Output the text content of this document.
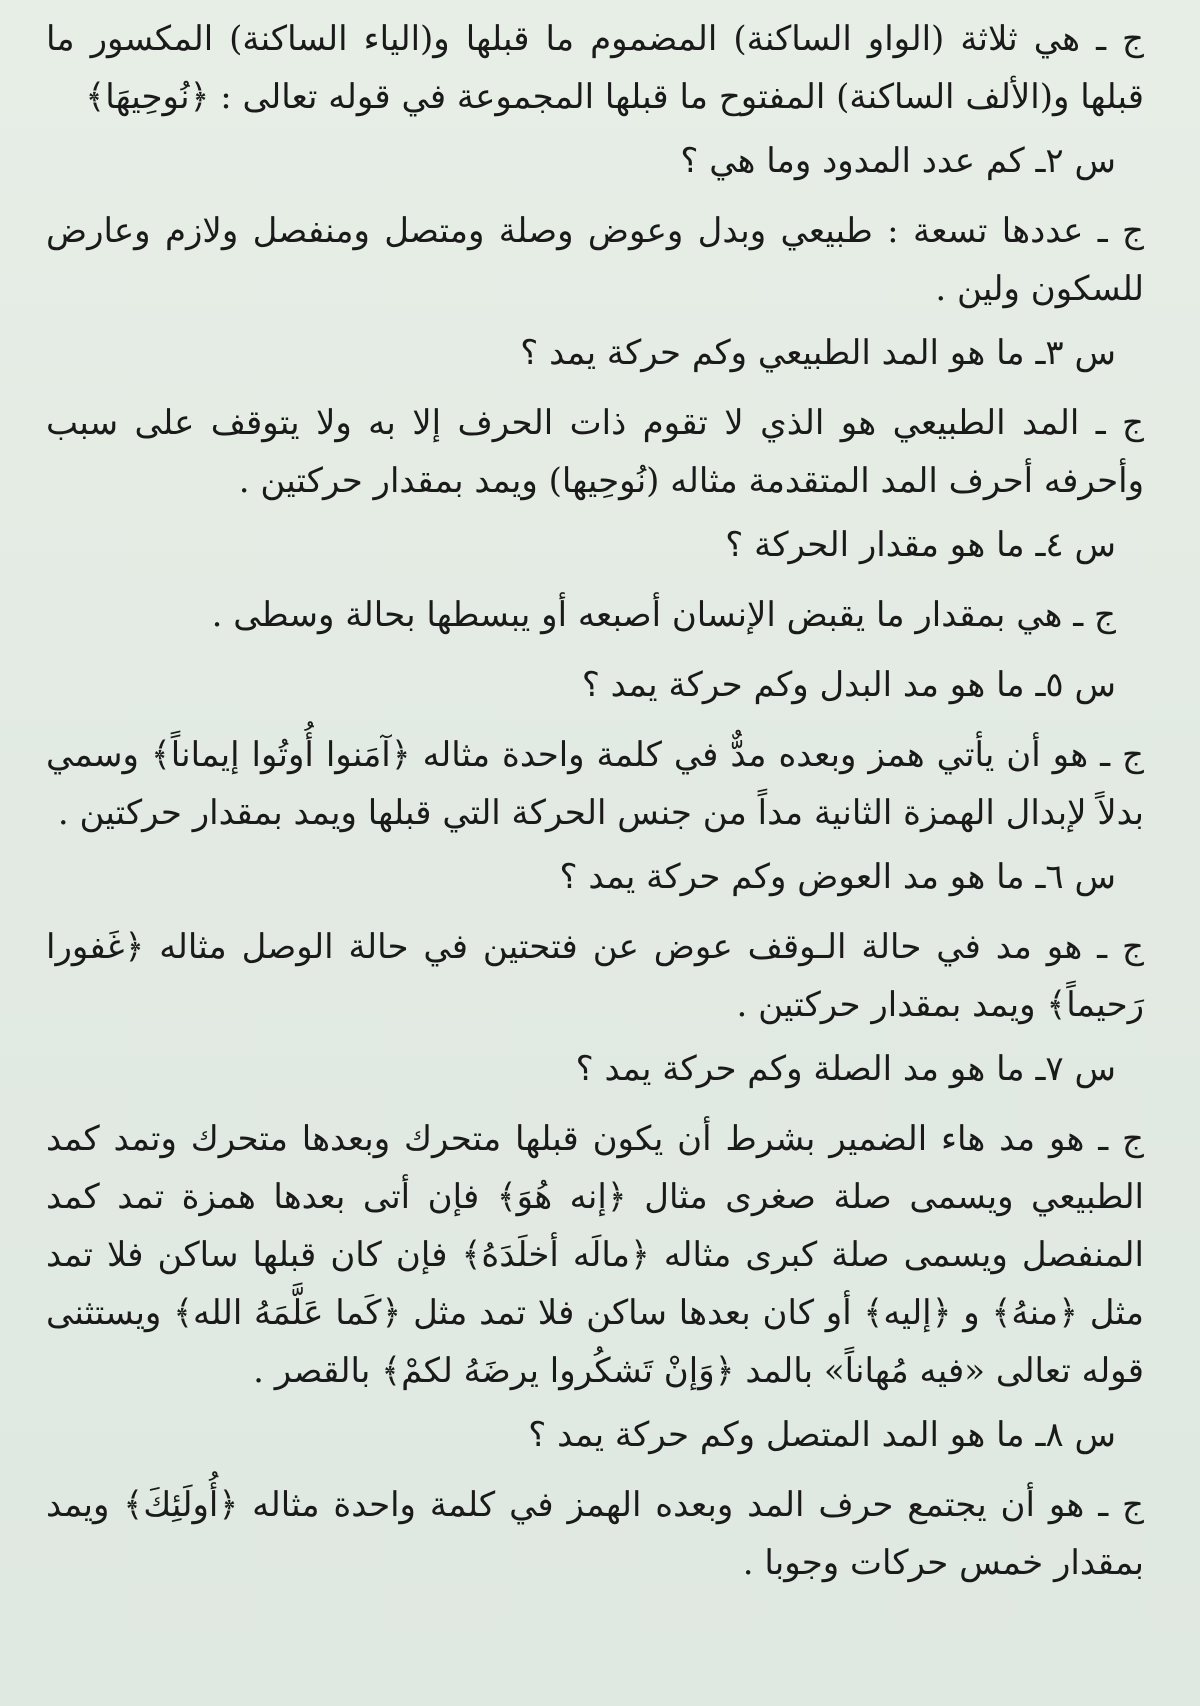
ج ـ هي ثلاثة (الواو الساكنة) المضموم ما قبلها و(الياء الساكنة) المكسور ما قبلها و(الألف الساكنة) المفتوح ما قبلها المجموعة في قوله تعالى : ﴿نُوحِيهَا﴾

س ٢ـ كم عدد المدود وما هي ؟

ج ـ عددها تسعة : طبيعي وبدل وعوض وصلة ومتصل ومنفصل ولازم وعارض للسكون ولين .

س ٣ـ ما هو المد الطبيعي وكم حركة يمد ؟

ج ـ المد الطبيعي هو الذي لا تقوم ذات الحرف إلا به ولا يتوقف على سبب وأحرفه أحرف المد المتقدمة مثاله (نُوحِيها) ويمد بمقدار حركتين .

س ٤ـ ما هو مقدار الحركة ؟

ج ـ هي بمقدار ما يقبض الإنسان أصبعه أو يبسطها بحالة وسطى .

س ٥ـ ما هو مد البدل وكم حركة يمد ؟

ج ـ هو أن يأتي همز وبعده مدٌّ في كلمة واحدة مثاله ﴿آمَنوا أُوتُوا إيماناً﴾ وسمي بدلاً لإبدال الهمزة الثانية مداً من جنس الحركة التي قبلها ويمد بمقدار حركتين .

س ٦ـ ما هو مد العوض وكم حركة يمد ؟

ج ـ هو مد في حالة الـوقف عوض عن فتحتين في حالة الوصل مثاله ﴿غَفورا رَحيماً﴾ ويمد بمقدار حركتين .

س ٧ـ ما هو مد الصلة وكم حركة يمد ؟

ج ـ هو مد هاء الضمير بشرط أن يكون قبلها متحرك وبعدها متحرك وتمد كمد الطبيعي ويسمى صلة صغرى مثال ﴿إنه هُوَ﴾ فإن أتى بعدها همزة تمد كمد المنفصل ويسمى صلة كبرى مثاله ﴿مالَه أخلَدَهُ﴾ فإن كان قبلها ساكن فلا تمد مثل ﴿منهُ﴾ و ﴿إليه﴾ أو كان بعدها ساكن فلا تمد مثل ﴿كَما عَلَّمَهُ الله﴾ ويستثنى قوله تعالى «فيه مُهاناً» بالمد ﴿وَإنْ تَشكُروا يرضَهُ لكمْ﴾ بالقصر .

س ٨ـ ما هو المد المتصل وكم حركة يمد ؟

ج ـ هو أن يجتمع حرف المد وبعده الهمز في كلمة واحدة مثاله ﴿أُولَئِكَ﴾ ويمد بمقدار خمس حركات وجوبا .
